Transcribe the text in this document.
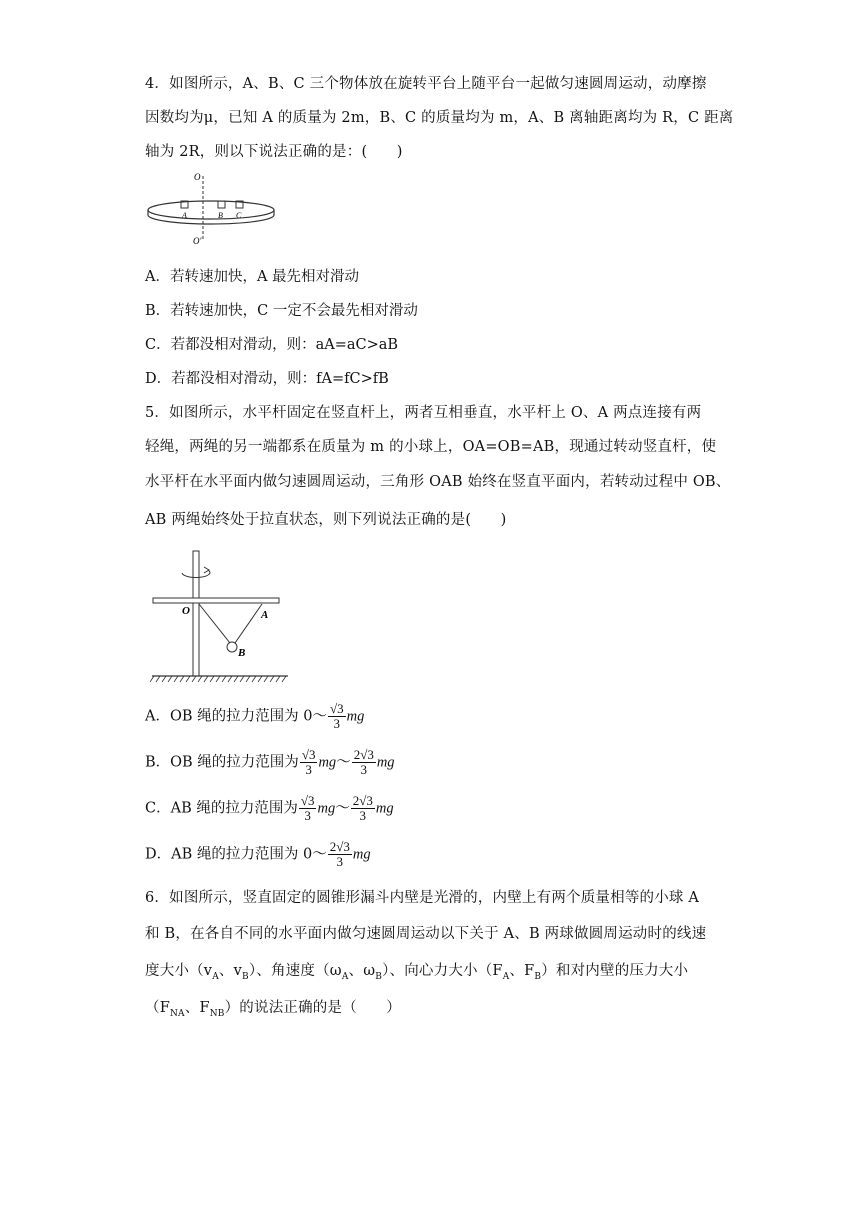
4．如图所示，A、B、C 三个物体放在旋转平台上随平台一起做匀速圆周运动，动摩擦
因数均为μ，已知 A 的质量为 2m，B、C 的质量均为 m，A、B 离轴距离均为 R，C 距离
轴为 2R，则以下说法正确的是：(　　)
O
O'
A	B C
A．若转速加快，A 最先相对滑动
B．若转速加快，C 一定不会最先相对滑动
C．若都没相对滑动，则：aA=aC>aB
D．若都没相对滑动，则：fA=fC>fB
5．如图所示，水平杆固定在竖直杆上，两者互相垂直，水平杆上 O、A 两点连接有两
轻绳，两绳的另一端都系在质量为 m 的小球上，OA=OB=AB，现通过转动竖直杆，使
水平杆在水平面内做匀速圆周运动，三角形 OAB 始终在竖直平面内，若转动过程中 OB、
AB 两绳始终处于拉直状态，则下列说法正确的是(　　)
O	A
B
A．OB 绳的拉力范围为 0～ $\frac{√3}{3}$ mg
B．OB 绳的拉力范围为 $\frac{√3}{3}$ mg～ $\frac{2√3}{3}$ mg
C．AB 绳的拉力范围为 $\frac{√3}{3}$ mg～ $\frac{2√3}{3}$ mg
D．AB 绳的拉力范围为 0～ $\frac{2√3}{3}$ mg
6．如图所示，竖直固定的圆锥形漏斗内壁是光滑的，内壁上有两个质量相等的小球 A
和 B，在各自不同的水平面内做匀速圆周运动以下关于 A、B 两球做圆周运动时的线速
度大小（$v_A$、$v_B$）、角速度（$\omega_A$、$\omega_B$）、向心力大小（$F_A$、$F_B$）和对内壁的压力大小
（$F_{NA}$、$F_{NB}$）的说法正确的是（　　）
